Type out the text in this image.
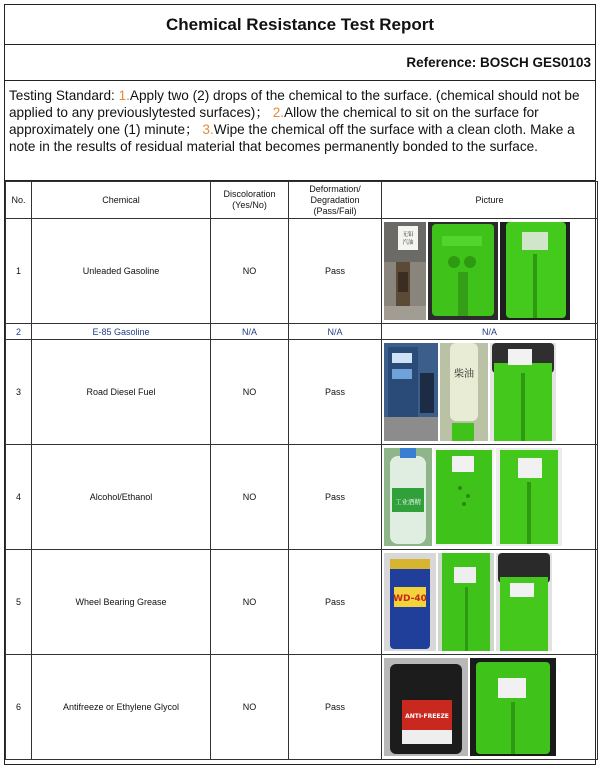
Chemical Resistance Test Report
Reference: BOSCH GES0103
Testing Standard: 1.Apply two (2) drops of the chemical to the surface. (chemical should not be applied to any previouslytested surfaces)； 2.Allow the chemical to sit on the surface for approximately one (1) minute； 3.Wipe the chemical off the surface with a clean cloth. Make a note in the results of residual material that becomes permanently bonded to the surface.
No.	Chemical	Discoloration (Yes/No)	Deformation/ Degradation (Pass/Fail)	Picture
1	Unleaded Gasoline	NO	Pass	无铅
汽油

2	E-85 Gasoline	N/A	N/A	N/A
3	Road Diesel Fuel	NO	Pass	柴油

4	Alcohol/Ethanol	NO	Pass	工业酒精

5	Wheel Bearing Grease	NO	Pass	WD-40

6	Antifreeze or Ethylene Glycol	NO	Pass	ANTI-FREEZE
